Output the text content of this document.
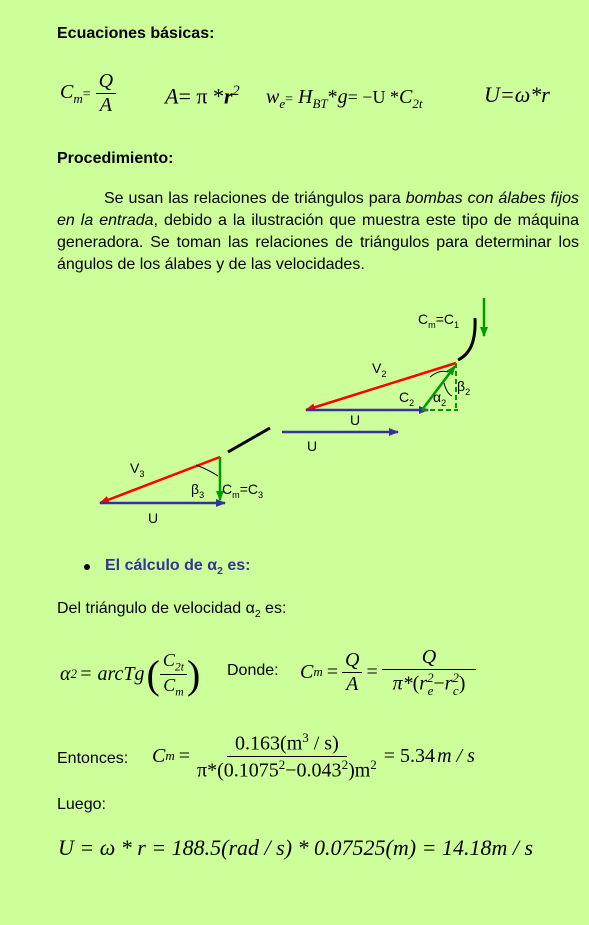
Ecuaciones básicas:
$C_m= \frac{Q}{A} A= \pi$ $*r^2$ $w_e= H_{BT}*g= -U$ $*C_{2t}$	U=ω*r
Procedimiento:
Se usan las relaciones de triángulos para bombas con álabes fijos en la entrada, debido a la ilustración que muestra este tipo de máquina generadora. Se toman las relaciones de triángulos para determinar los ángulos de los álabes y de las velocidades.
$C_m=C_1$
$V_2$
$C_2$ $\alpha_2$
$\beta_2$
U
U
$V_3$
$\beta_3$ $C_m=C_3$
U
El cálculo de $\alpha_2$ es:
Del triángulo de velocidad $\alpha_2$ es:
α 2 = arcTg ( $\frac{C_{2t}}{C_m}$ ) Donde: C $m = \frac{Q}{A} = \frac{Q}{\pi*(r^2_e-r^2_c)}$
Entonces: C $m = \frac{0.163(m^3 / s)}{\pi*(0.1075^2-0.043^2)m^2} = 5.34$ m / s
Luego:
U = ω * r = 188.5(rad / s) * 0.07525(m) = 14.18m / s
